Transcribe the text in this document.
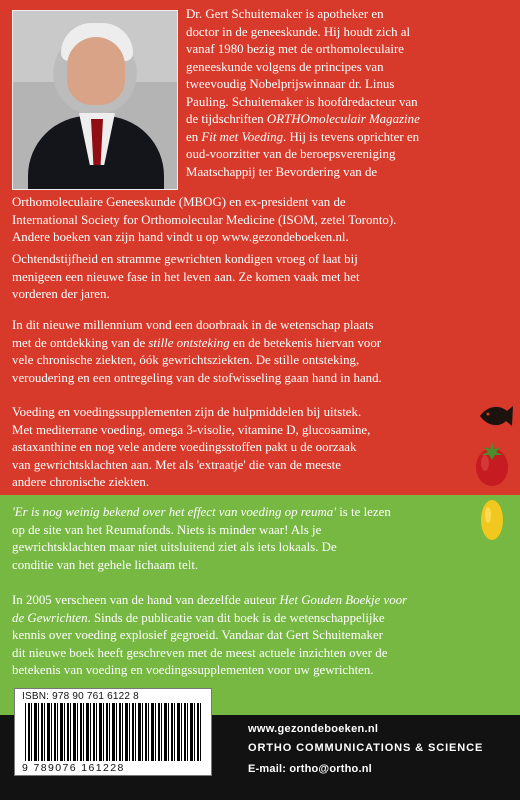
Dr. Gert Schuitemaker is apotheker en
doctor in de geneeskunde. Hij houdt zich al
vanaf 1980 bezig met de orthomoleculaire
geneeskunde volgens de principes van
tweevoudig Nobelprijswinnaar dr. Linus
Pauling. Schuitemaker is hoofdredacteur van
de tijdschriften ORTHOmoleculair Magazine
en Fit met Voeding. Hij is tevens oprichter en
oud-voorzitter van de beroepsvereniging
Maatschappij ter Bevordering van de
Orthomoleculaire Geneeskunde (MBOG) en ex-president van de
International Society for Orthomolecular Medicine (ISOM, zetel Toronto).
Andere boeken van zijn hand vindt u op www.gezondeboeken.nl.
Ochtendstijfheid en stramme gewrichten kondigen vroeg of laat bij
menigeen een nieuwe fase in het leven aan. Ze komen vaak met het
vorderen der jaren.
In dit nieuwe millennium vond een doorbraak in de wetenschap plaats
met de ontdekking van de stille ontsteking en de betekenis hiervan voor
vele chronische ziekten, óók gewrichtsziekten. De stille ontsteking,
veroudering en een ontregeling van de stofwisseling gaan hand in hand.
Voeding en voedingssupplementen zijn de hulpmiddelen bij uitstek.
Met mediterrane voeding, omega 3-visolie, vitamine D, glucosamine,
astaxanthine en nog vele andere voedingsstoffen pakt u de oorzaak
van gewrichtsklachten aan. Met als 'extraatje' die van de meeste
andere chronische ziekten.
'Er is nog weinig bekend over het effect van voeding op reuma' is te lezen
op de site van het Reumafonds. Niets is minder waar! Als je
gewrichtsklachten maar niet uitsluitend ziet als iets lokaals. De
conditie van het gehele lichaam telt.
In 2005 verscheen van de hand van dezelfde auteur Het Gouden Boekje voor
de Gewrichten. Sinds de publicatie van dit boek is de wetenschappelijke
kennis over voeding explosief gegroeid. Vandaar dat Gert Schuitemaker
dit nieuwe boek heeft geschreven met de meest actuele inzichten over de
betekenis van voeding en voedingssupplementen voor uw gewrichten.
ISBN: 978 90 761 6122 8
9 789076 161228
www.gezondeboeken.nl
ORTHO COMMUNICATIONS & SCIENCE
E-mail: ortho@ortho.nl
